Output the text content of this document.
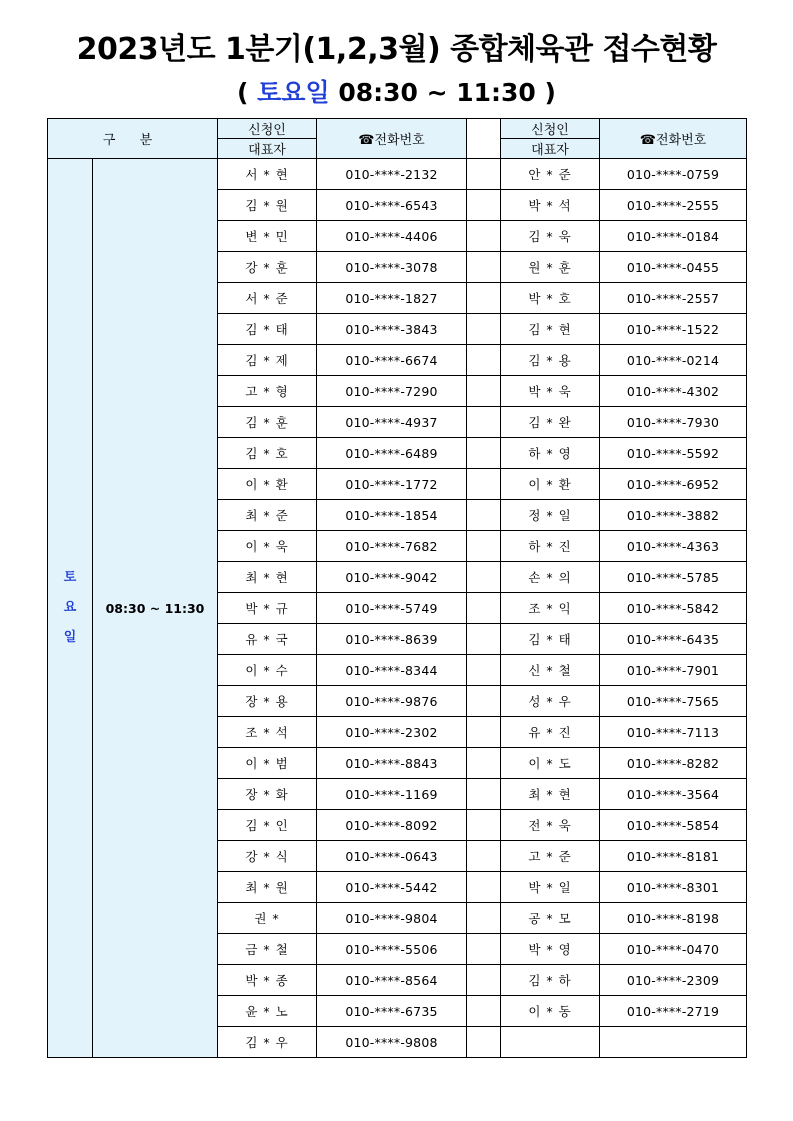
2023년도 1분기(1,2,3월) 종합체육관 접수현황
( 토요일 08:30 ~ 11:30 )
구 분		신청인	☎전화번호		신청인	☎전화번호
		대표자			대표자	

토
요
일	08:30 ~ 11:30	서 * 현	010-****-2132		안 * 준	010-****-0759
		김 * 원	010-****-6543		박 * 석	010-****-2555
		변 * 민	010-****-4406		김 * 욱	010-****-0184
		강 * 훈	010-****-3078		원 * 훈	010-****-0455
		서 * 준	010-****-1827		박 * 호	010-****-2557
		김 * 태	010-****-3843		김 * 현	010-****-1522
		김 * 제	010-****-6674		김 * 용	010-****-0214
		고 * 형	010-****-7290		박 * 욱	010-****-4302
		김 * 훈	010-****-4937		김 * 완	010-****-7930
		김 * 호	010-****-6489		하 * 영	010-****-5592
		이 * 환	010-****-1772		이 * 환	010-****-6952
		최 * 준	010-****-1854		정 * 일	010-****-3882
		이 * 욱	010-****-7682		하 * 진	010-****-4363
		최 * 현	010-****-9042		손 * 의	010-****-5785
		박 * 규	010-****-5749		조 * 익	010-****-5842
		유 * 국	010-****-8639		김 * 태	010-****-6435
		이 * 수	010-****-8344		신 * 철	010-****-7901
		장 * 용	010-****-9876		성 * 우	010-****-7565
		조 * 석	010-****-2302		유 * 진	010-****-7113
		이 * 범	010-****-8843		이 * 도	010-****-8282
		장 * 화	010-****-1169		최 * 현	010-****-3564
		김 * 인	010-****-8092		전 * 욱	010-****-5854
		강 * 식	010-****-0643		고 * 준	010-****-8181
		최 * 원	010-****-5442		박 * 일	010-****-8301
		권 *	010-****-9804		공 * 모	010-****-8198
		금 * 철	010-****-5506		박 * 영	010-****-0470
		박 * 종	010-****-8564		김 * 하	010-****-2309
		윤 * 노	010-****-6735		이 * 동	010-****-2719
		김 * 우	010-****-9808			
